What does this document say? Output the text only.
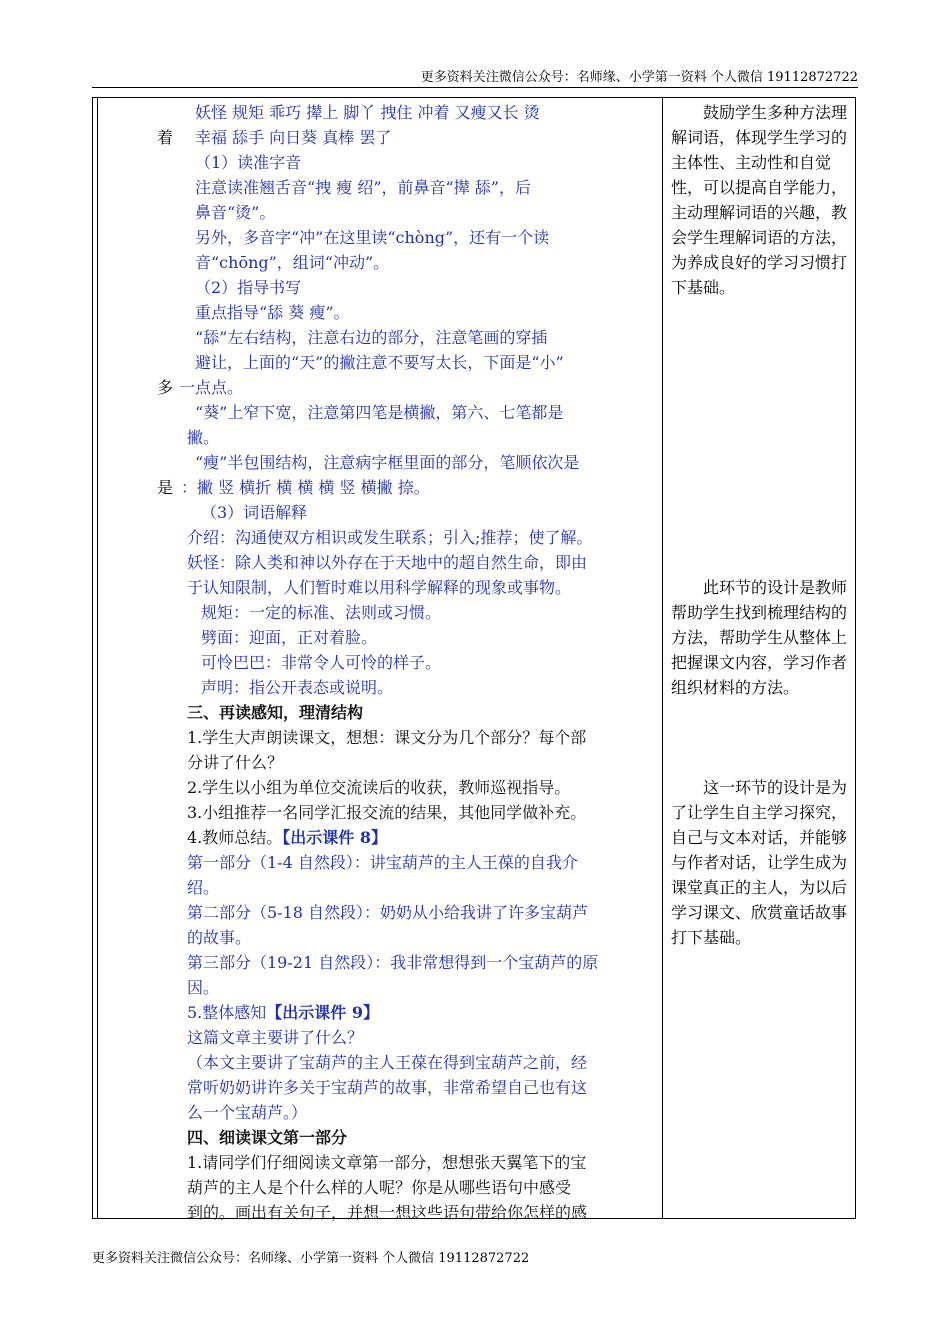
更多资料关注微信公众号：名师缘、小学第一资料 个人微信 19112872722
着
多
是

妖怪 规矩 乖巧 撵上 脚丫 拽住 冲着 又瘦又长 烫

幸福 舔手 向日葵 真棒 罢了

（1）读准字音

注意读准翘舌音“拽 瘦 绍”，前鼻音“撵 舔”，后

鼻音“烫”。

另外，多音字“冲”在这里读“chòng”，还有一个读

音“chōng”，组词“冲动”。

（2）指导书写

重点指导“舔 葵 瘦”。

“舔”左右结构，注意右边的部分，注意笔画的穿插

避让，上面的“天”的撇注意不要写太长，下面是“小”

一点点。

“葵”上窄下宽，注意第四笔是横撇，第六、七笔都是

撇。

“瘦”半包围结构，注意病字框里面的部分，笔顺依次是

：撇 竖 横折 横 横 横 竖 横撇 捺。

（3）词语解释

介绍：沟通使双方相识或发生联系；引入;推荐；使了解。

妖怪：除人类和神以外存在于天地中的超自然生命，即由

于认知限制，人们暂时难以用科学解释的现象或事物。

规矩：一定的标准、法则或习惯。

劈面：迎面，正对着脸。

可怜巴巴：非常令人可怜的样子。

声明：指公开表态或说明。

三、再读感知，理清结构

1.学生大声朗读课文，想想：课文分为几个部分？每个部

分讲了什么？

2.学生以小组为单位交流读后的收获，教师巡视指导。

3.小组推荐一名同学汇报交流的结果，其他同学做补充。

4.教师总结。【出示课件 8】

第一部分（1-4 自然段）：讲宝葫芦的主人王葆的自我介

绍。

第二部分（5-18 自然段）：奶奶从小给我讲了许多宝葫芦

的故事。

第三部分（19-21 自然段）：我非常想得到一个宝葫芦的原

因。

5.整体感知【出示课件 9】

这篇文章主要讲了什么？

（本文主要讲了宝葫芦的主人王葆在得到宝葫芦之前，经

常听奶奶讲许多关于宝葫芦的故事，非常希望自己也有这

么一个宝葫芦。）

四、细读课文第一部分

1.请同学们仔细阅读文章第一部分，想想张天翼笔下的宝

葫芦的主人是个什么样的人呢？你是从哪些语句中感受

到的。画出有关句子，并想一想这些语句带给你怎样的感

鼓励学生多种方法理解词语，体现学生学习的主体性、主动性和自觉性，可以提高自学能力，主动理解词语的兴趣，教会学生理解词语的方法，为养成良好的学习习惯打下基础。

此环节的设计是教师帮助学生找到梳理结构的方法，帮助学生从整体上把握课文内容，学习作者组织材料的方法。

这一环节的设计是为了让学生自主学习探究，自己与文本对话，并能够与作者对话，让学生成为课堂真正的主人，为以后学习课文、欣赏童话故事打下基础。

更多资料关注微信公众号：名师缘、小学第一资料 个人微信 19112872722
